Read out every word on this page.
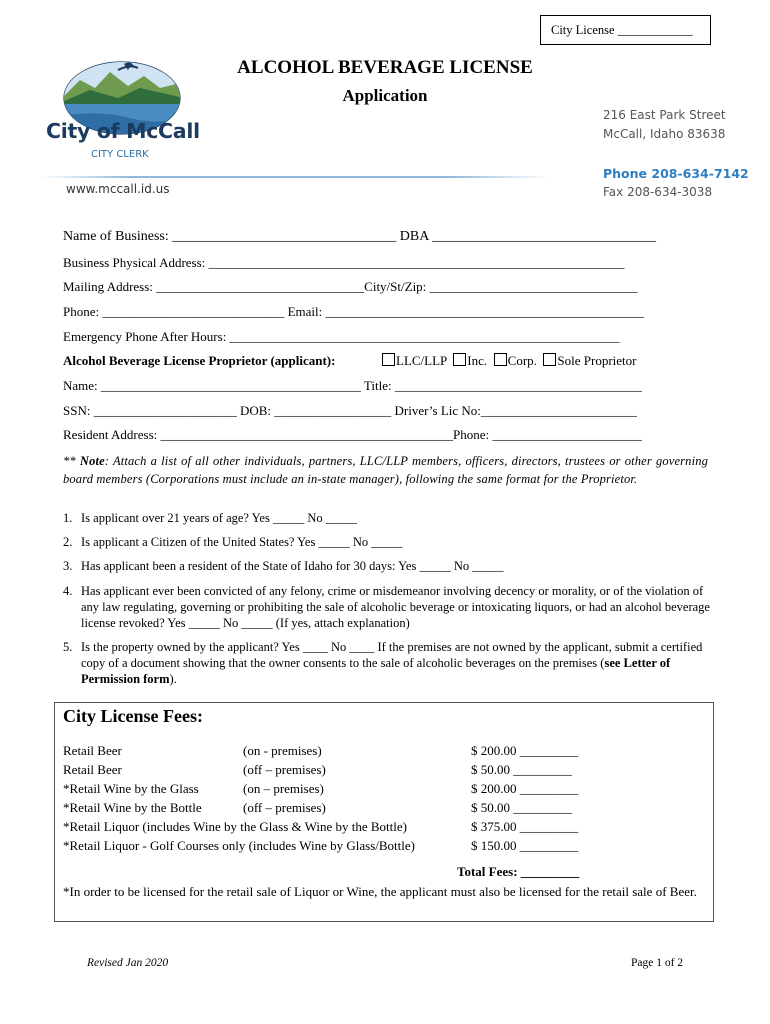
City License ____________
ALCOHOL BEVERAGE LICENSE
Application
City of McCall
CITY CLERK
www.mccall.id.us
216 East Park Street
McCall, Idaho 83638
Phone 208-634-7142
Fax 208-634-3038
Name of Business: ________________________________ DBA ________________________________
Business Physical Address: ________________________________________________________________
Mailing Address: ________________________________City/St/Zip: ________________________________
Phone: ____________________________ Email: _________________________________________________
Emergency Phone After Hours: ____________________________________________________________
Alcohol Beverage License Proprietor (applicant):	LLC/LLP Inc. Corp. Sole Proprietor
Name: ________________________________________ Title: ______________________________________
SSN: ______________________ DOB: __________________ Driver’s Lic No:________________________
Resident Address: _____________________________________________Phone: _______________________
** Note: Attach a list of all other individuals, partners, LLC/LLP members, officers, directors, trustees or other governing board members (Corporations must include an in-state manager), following the same format for the Proprietor.
1. Is applicant over 21 years of age? Yes _____ No _____
2. Is applicant a Citizen of the United States? Yes _____ No _____
3. Has applicant been a resident of the State of Idaho for 30 days: Yes _____ No _____
4. Has applicant ever been convicted of any felony, crime or misdemeanor involving decency or morality, or of the violation of any law regulating, governing or prohibiting the sale of alcoholic beverage or intoxicating liquors, or had an alcohol beverage license revoked? Yes _____ No _____ (If yes, attach explanation)
5. Is the property owned by the applicant? Yes ____ No ____ If the premises are not owned by the applicant, submit a certified copy of a document showing that the owner consents to the sale of alcoholic beverages on the premises (see Letter of Permission form).
City License Fees:
Retail Beer	(on - premises)	$ 200.00 _________
Retail Beer	(off – premises)	$ 50.00 _________
*Retail Wine by the Glass	(on – premises)	$ 200.00 _________
*Retail Wine by the Bottle	(off – premises)	$ 50.00 _________
*Retail Liquor (includes Wine by the Glass & Wine by the Bottle)	$ 375.00 _________
*Retail Liquor - Golf Courses only (includes Wine by Glass/Bottle)	$ 150.00 _________
Total Fees: _________
*In order to be licensed for the retail sale of Liquor or Wine, the applicant must also be licensed for the retail sale of Beer.
Revised Jan 2020	Page 1 of 2
